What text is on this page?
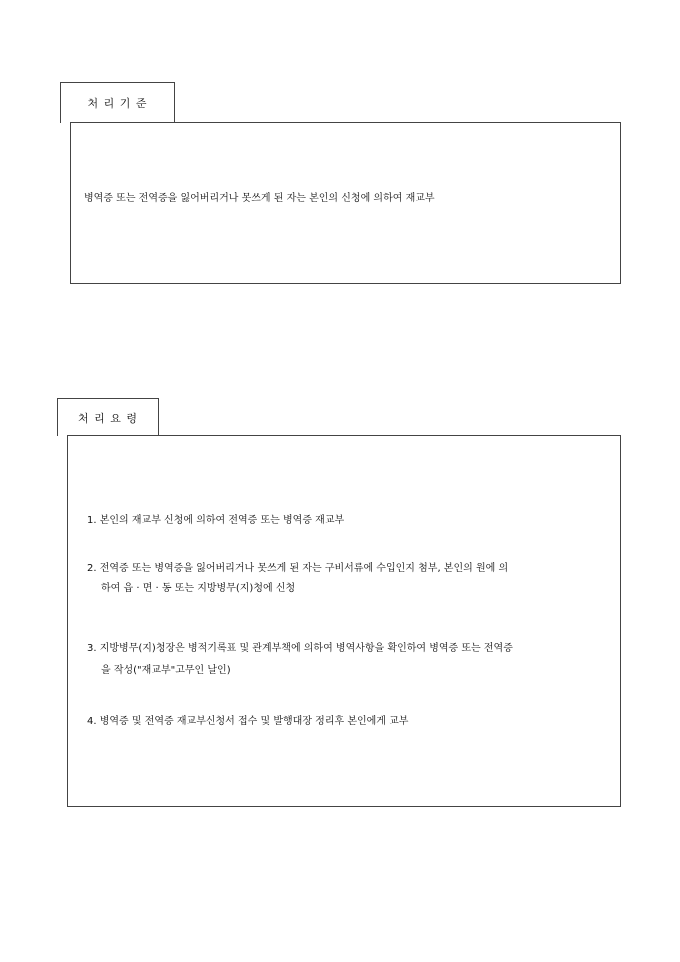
처 리 기 준
병역증 또는 전역증을 잃어버리거나 못쓰게 된 자는 본인의 신청에 의하여 재교부
처 리 요 령
1. 본인의 재교부 신청에 의하여 전역증 또는 병역증 재교부
2. 전역증 또는 병역증을 잃어버리거나 못쓰게 된 자는 구비서류에 수입인지 첨부, 본인의 원에 의
하여 읍 · 면 · 동 또는 지방병무(지)청에 신청
3. 지방병무(지)청장은 병적기록표 및 관계부책에 의하여 병역사항을 확인하여 병역증 또는 전역증
을 작성("재교부"고무인 날인)
4. 병역증 및 전역증 재교부신청서 접수 및 발행대장 정리후 본인에게 교부
